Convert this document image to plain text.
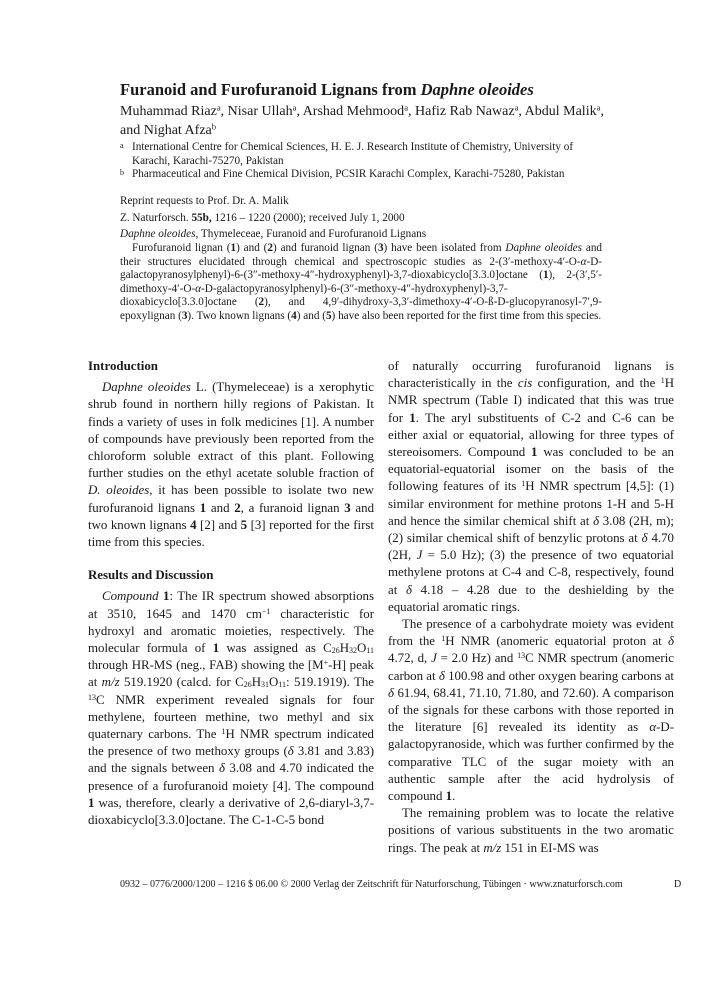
Furanoid and Furofuranoid Lignans from Daphne oleoides
Muhammad Riaz$^a$, Nisar Ullah$^a$, Arshad Mehmood$^a$, Hafiz Rab Nawaz$^a$, Abdul Malik$^a$, and Nighat Afza$^b$
a International Centre for Chemical Sciences, H. E. J. Research Institute of Chemistry, University of Karachi, Karachi-75270, Pakistan
b Pharmaceutical and Fine Chemical Division, PCSIR Karachi Complex, Karachi-75280, Pakistan
Reprint requests to Prof. Dr. A. Malik
Z. Naturforsch. 55b, 1216 – 1220 (2000); received July 1, 2000
Daphne oleoides, Thymeleceae, Furanoid and Furofuranoid Lignans
Furofuranoid lignan (1) and (2) and furanoid lignan (3) have been isolated from Daphne oleoides and their structures elucidated through chemical and spectroscopic studies as 2-(3′-methoxy-4′-O-α-D-galactopyranosylphenyl)-6-(3″-methoxy-4″-hydroxyphenyl)-3,7-dioxabicyclo[3.3.0]octane (1), 2-(3′,5′-dimethoxy-4′-O-α-D-galactopyranosylphenyl)-6-(3″-methoxy-4″-hydroxyphenyl)-3,7-dioxabicyclo[3.3.0]octane (2), and 4,9′-dihydroxy-3,3′-dimethoxy-4′-O-ß-D-glucopyranosyl-7′,9-epoxylignan (3). Two known lignans (4) and (5) have also been reported for the first time from this species.
Introduction

Daphne oleoides L. (Thymeleceae) is a xerophytic shrub found in northern hilly regions of Pakistan. It finds a variety of uses in folk medicines [1]. A number of compounds have previously been reported from the chloroform soluble extract of this plant. Following further studies on the ethyl acetate soluble fraction of D. oleoides, it has been possible to isolate two new furofuranoid lignans 1 and 2, a furanoid lignan 3 and two known lignans 4 [2] and 5 [3] reported for the first time from this species.

Results and Discussion

Compound 1: The IR spectrum showed absorptions at 3510, 1645 and 1470 $cm^{-1}$ characteristic for hydroxyl and aromatic moieties, respectively. The molecular formula of 1 was assigned as $C_{26}H_{32}O_{11}$ through HR-MS (neg., FAB) showing the [M+-H] peak at m/z 519.1920 (calcd. for $C_{26}H_{31}O_{11}$: 519.1919). The $^{13}$C NMR experiment revealed signals for four methylene, fourteen methine, two methyl and six quaternary carbons. The $^1$H NMR spectrum indicated the presence of two methoxy groups (δ 3.81 and 3.83) and the signals between δ 3.08 and 4.70 indicated the presence of a furofuranoid moiety [4]. The compound 1 was, therefore, clearly a derivative of 2,6-diaryl-3,7-dioxabicyclo[3.3.0]octane. The C-1-C-5 bond

of naturally occurring furofuranoid lignans is characteristically in the cis configuration, and the $^1$H NMR spectrum (Table I) indicated that this was true for 1. The aryl substituents of C-2 and C-6 can be either axial or equatorial, allowing for three types of stereoisomers. Compound 1 was concluded to be an equatorial-equatorial isomer on the basis of the following features of its $^1$H NMR spectrum [4,5]: (1) similar environment for methine protons 1-H and 5-H and hence the similar chemical shift at δ 3.08 (2H, m); (2) similar chemical shift of benzylic protons at δ 4.70 (2H, J = 5.0 Hz); (3) the presence of two equatorial methylene protons at C-4 and C-8, respectively, found at δ 4.18 – 4.28 due to the deshielding by the equatorial aromatic rings.

The presence of a carbohydrate moiety was evident from the $^1$H NMR (anomeric equatorial proton at δ 4.72, d, J = 2.0 Hz) and $^{13}$C NMR spectrum (anomeric carbon at δ 100.98 and other oxygen bearing carbons at δ 61.94, 68.41, 71.10, 71.80, and 72.60). A comparison of the signals for these carbons with those reported in the literature [6] revealed its identity as α-D-galactopyranoside, which was further confirmed by the comparative TLC of the sugar moiety with an authentic sample after the acid hydrolysis of compound 1.

The remaining problem was to locate the relative positions of various substituents in the two aromatic rings. The peak at m/z 151 in EI-MS was

0932 – 0776/2000/1200 – 1216 $ 06.00 © 2000 Verlag der Zeitschrift für Naturforschung, Tübingen · www.znaturforsch.com	D
